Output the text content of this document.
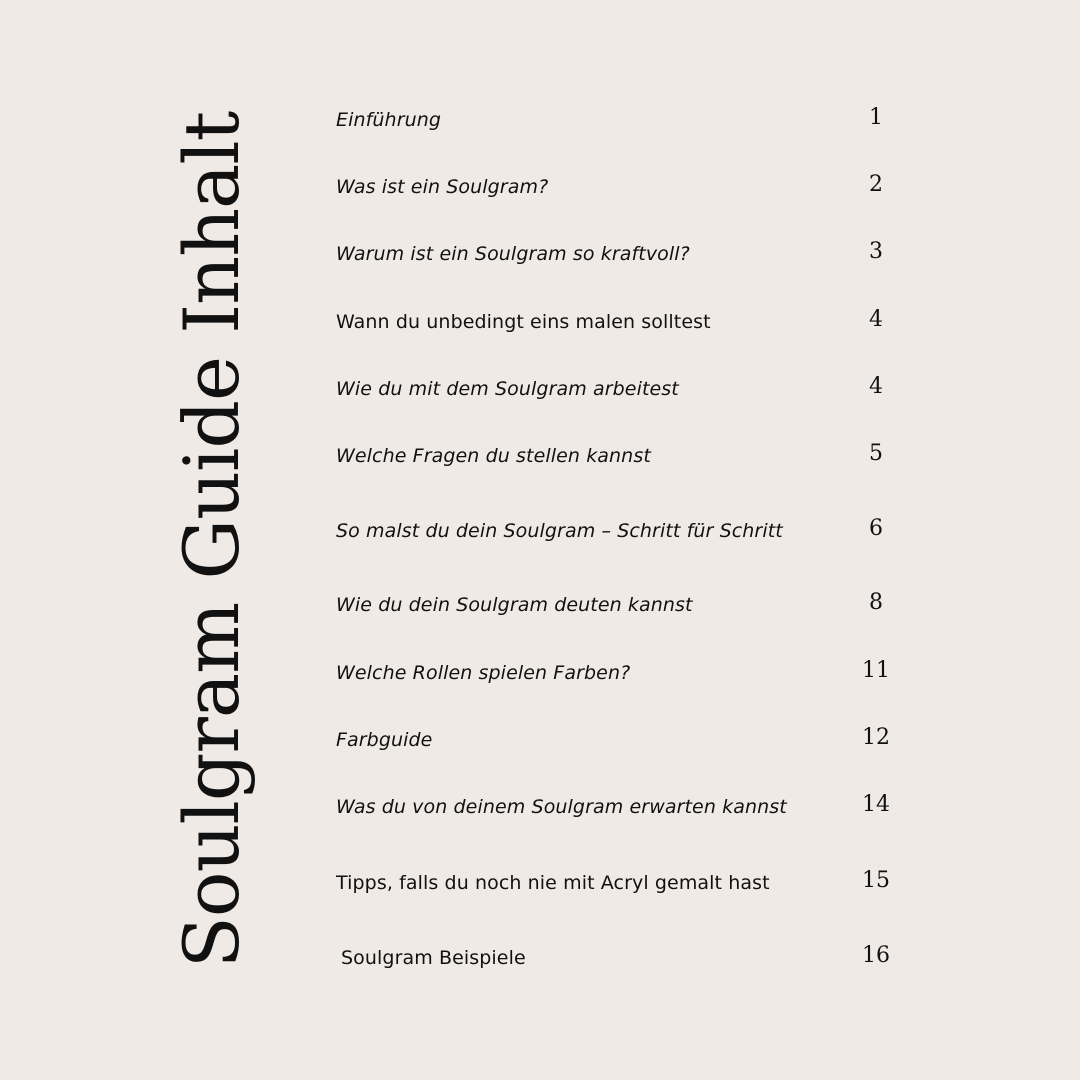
Soulgram Guide Inhalt	Einführung	1
Was ist ein Soulgram?	2
Warum ist ein Soulgram so kraftvoll?	3
Wann du unbedingt eins malen solltest	4
Wie du mit dem Soulgram arbeitest	4
Welche Fragen du stellen kannst	5
So malst du dein Soulgram – Schritt für Schritt	6
Wie du dein Soulgram deuten kannst	8
Welche Rollen spielen Farben?	11
Farbguide	12
Was du von deinem Soulgram erwarten kannst	14
Tipps, falls du noch nie mit Acryl gemalt hast	15
Soulgram Beispiele	16
